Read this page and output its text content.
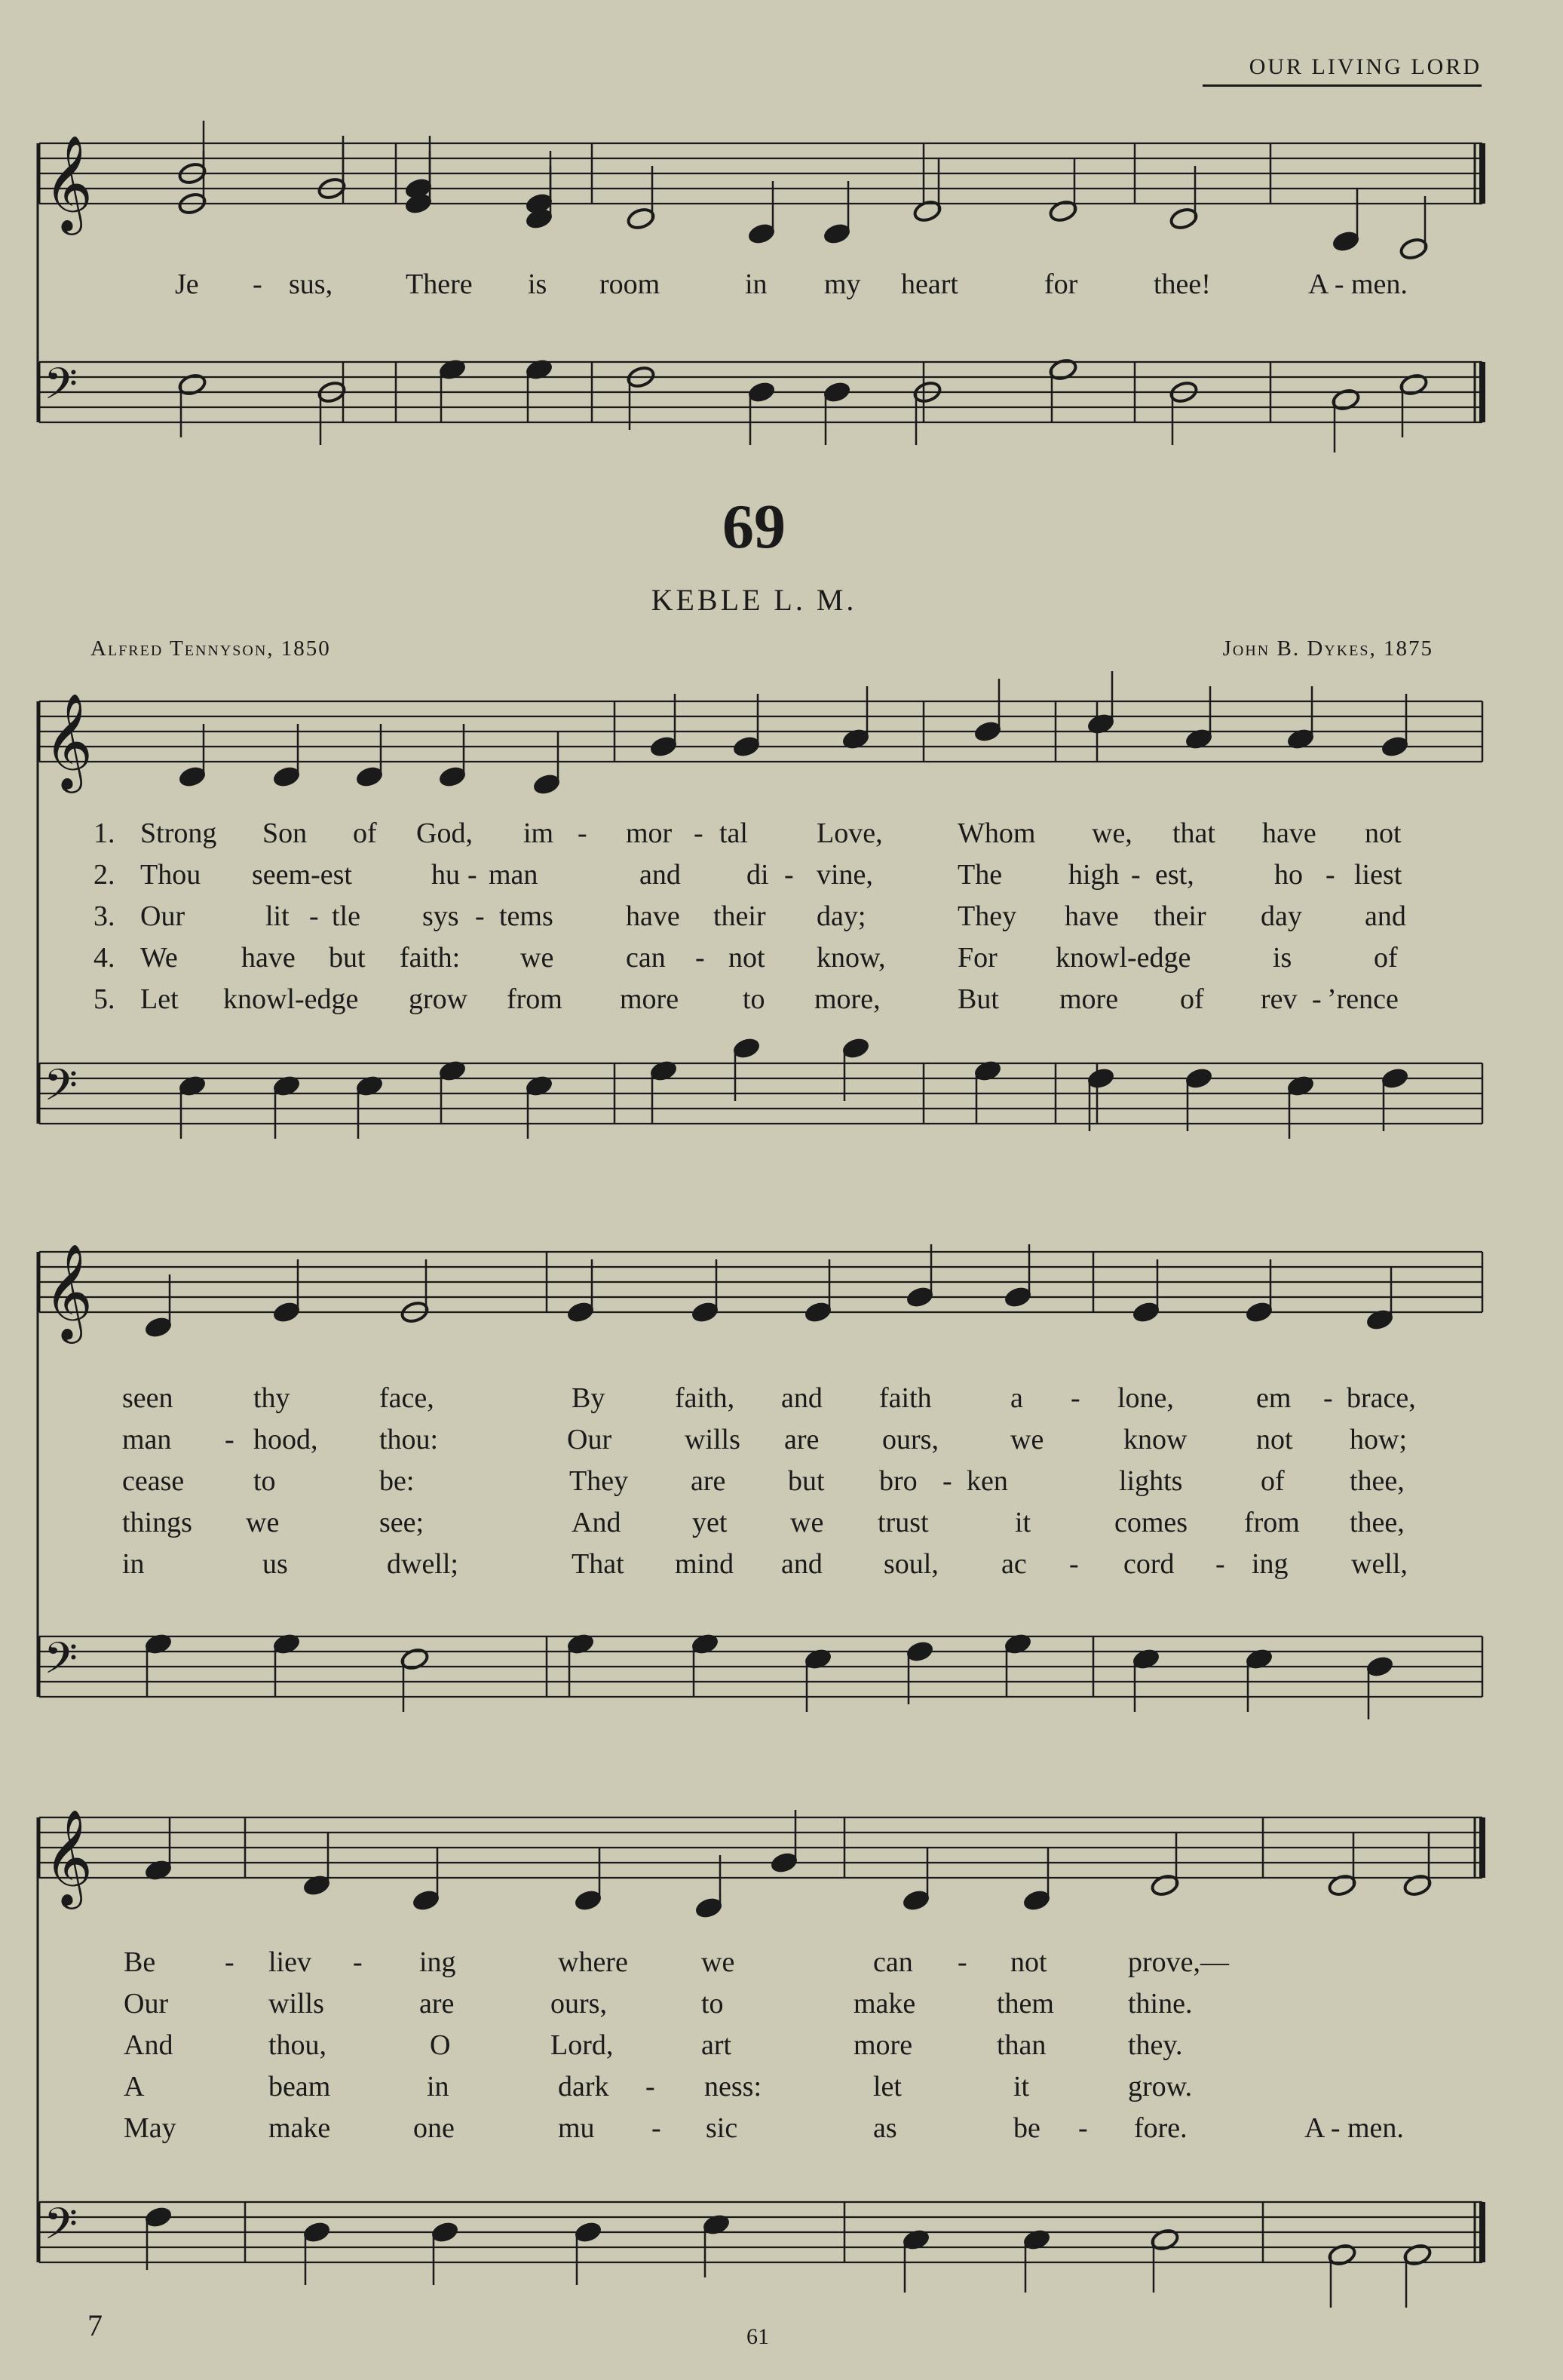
OUR LIVING LORD
𝄞
𝄢
𝄞
𝄢
𝄞
𝄢
𝄞
𝄢
Je - sus,	There is room	in my heart	for	thee!	A - men.
69
KEBLE L. M.
Alfred Tennyson, 1850	John B. Dykes, 1875
1. Strong Son of God, im - mor - tal Love,	Whom we, that have not
2. Thou seem-est	hu - man	and di - vine,	The high - est,	ho - liest
3. Our	lit - tle sys - tems	have their day;	They have their day and
4. We have but faith: we	can - not know,	For knowl-edge	is	of
5. Let knowl-edge grow from more to more,	But more of rev - ’rence
seen	thy	face,	By faith, and faith	a - lone,	em - brace,
man - hood, thou:	Our	wills are ours,	we	know not how;
cease to	be:	They are but bro - ken	lights	of thee,
things we	see;	And yet we trust	it	comes from thee,
in	us	dwell;	That mind and soul, ac - cord - ing well,
Be - liev - ing	where	we	can - not	prove,—
Our	wills	are	ours,	to	make	them	thine.
And	thou,	O	Lord,	art	more	than	they.
A	beam	in	dark - ness:	let	it	grow.
May	make	one	mu - sic	as	be - fore.	A - men.
7	61
